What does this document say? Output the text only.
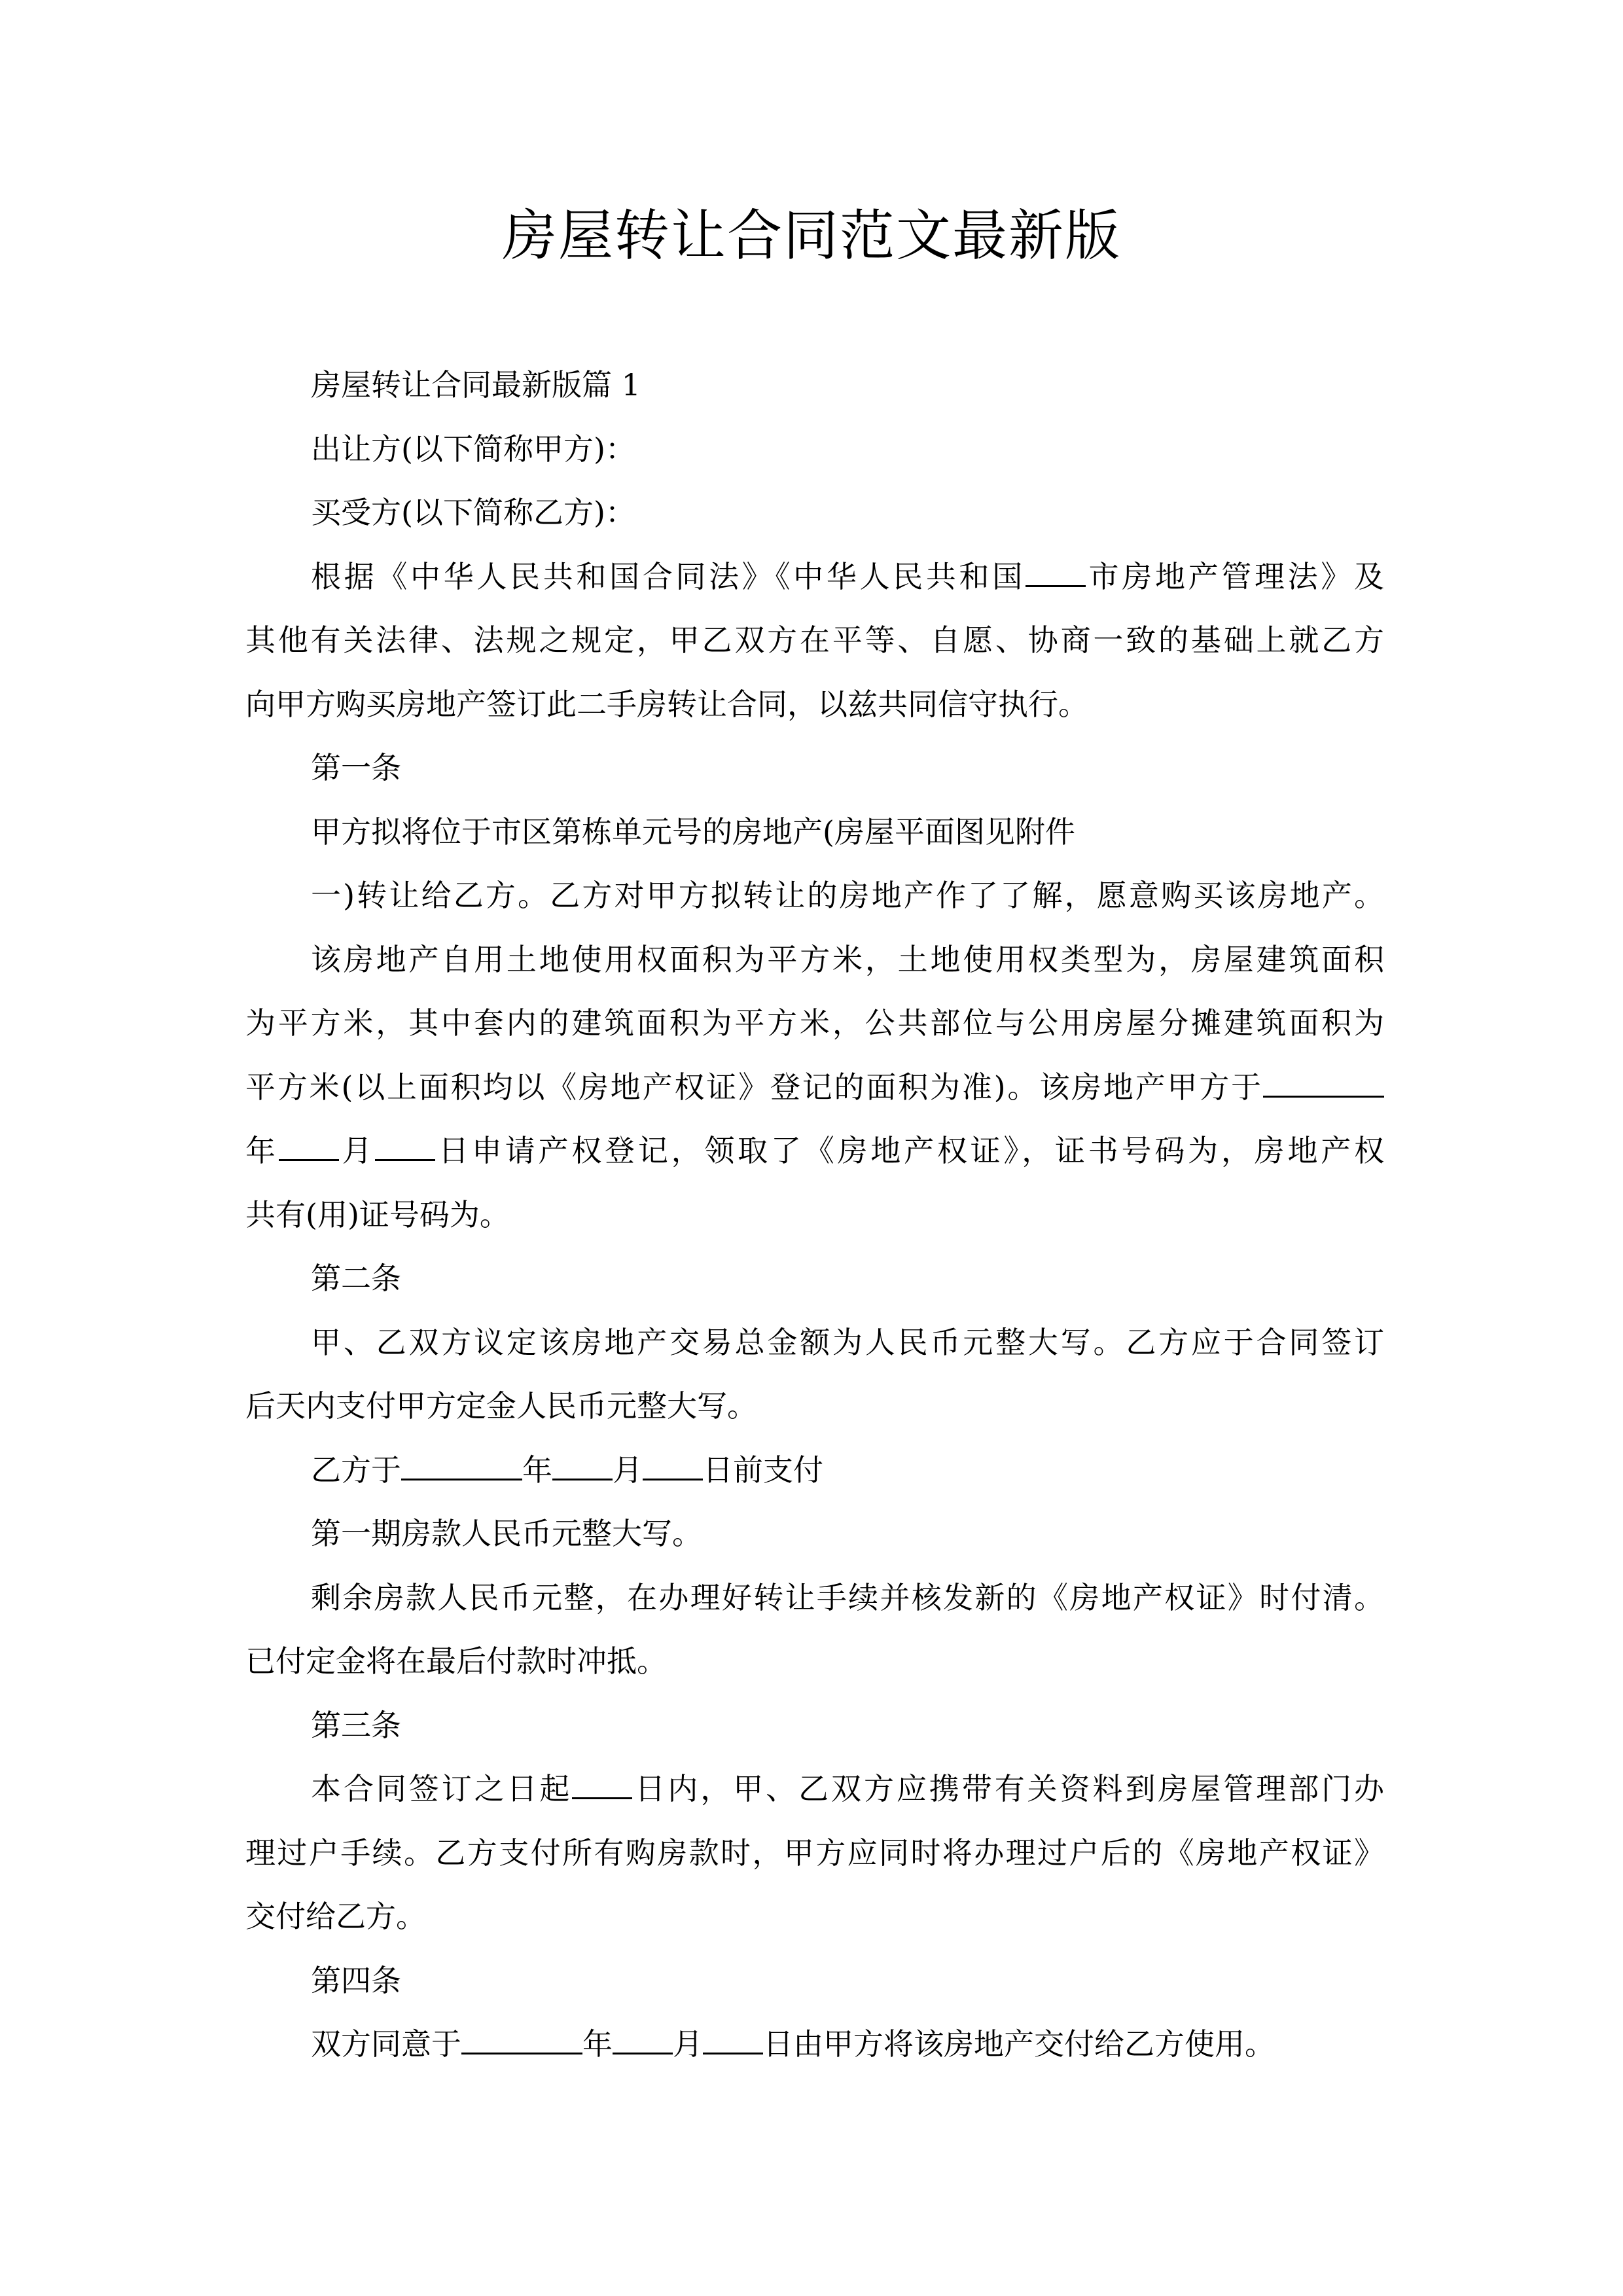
房屋转让合同范文最新版
房屋转让合同最新版篇 1
出让方(以下简称甲方)：
买受方(以下简称乙方)：
根据《中华人民共和国合同法》《中华人民共和国 市房地产管理法》及
其他有关法律、法规之规定，甲乙双方在平等、自愿、协商一致的基础上就乙方
向甲方购买房地产签订此二手房转让合同，以兹共同信守执行。
第一条
甲方拟将位于市区第栋单元号的房地产(房屋平面图见附件
一)转让给乙方。乙方对甲方拟转让的房地产作了了解，愿意购买该房地产。
该房地产自用土地使用权面积为平方米，土地使用权类型为，房屋建筑面积
为平方米，其中套内的建筑面积为平方米，公共部位与公用房屋分摊建筑面积为
平方米(以上面积均以《房地产权证》登记的面积为准)。该房地产甲方于
年 月 日申请产权登记，领取了《房地产权证》，证书号码为，房地产权
共有(用)证号码为。
第二条
甲、乙双方议定该房地产交易总金额为人民币元整大写。乙方应于合同签订
后天内支付甲方定金人民币元整大写。
乙方于	年 月 日前支付
第一期房款人民币元整大写。
剩余房款人民币元整，在办理好转让手续并核发新的《房地产权证》时付清。
已付定金将在最后付款时冲抵。
第三条
本合同签订之日起 日内，甲、乙双方应携带有关资料到房屋管理部门办
理过户手续。乙方支付所有购房款时，甲方应同时将办理过户后的《房地产权证》
交付给乙方。
第四条
双方同意于	年 月 日由甲方将该房地产交付给乙方使用。
